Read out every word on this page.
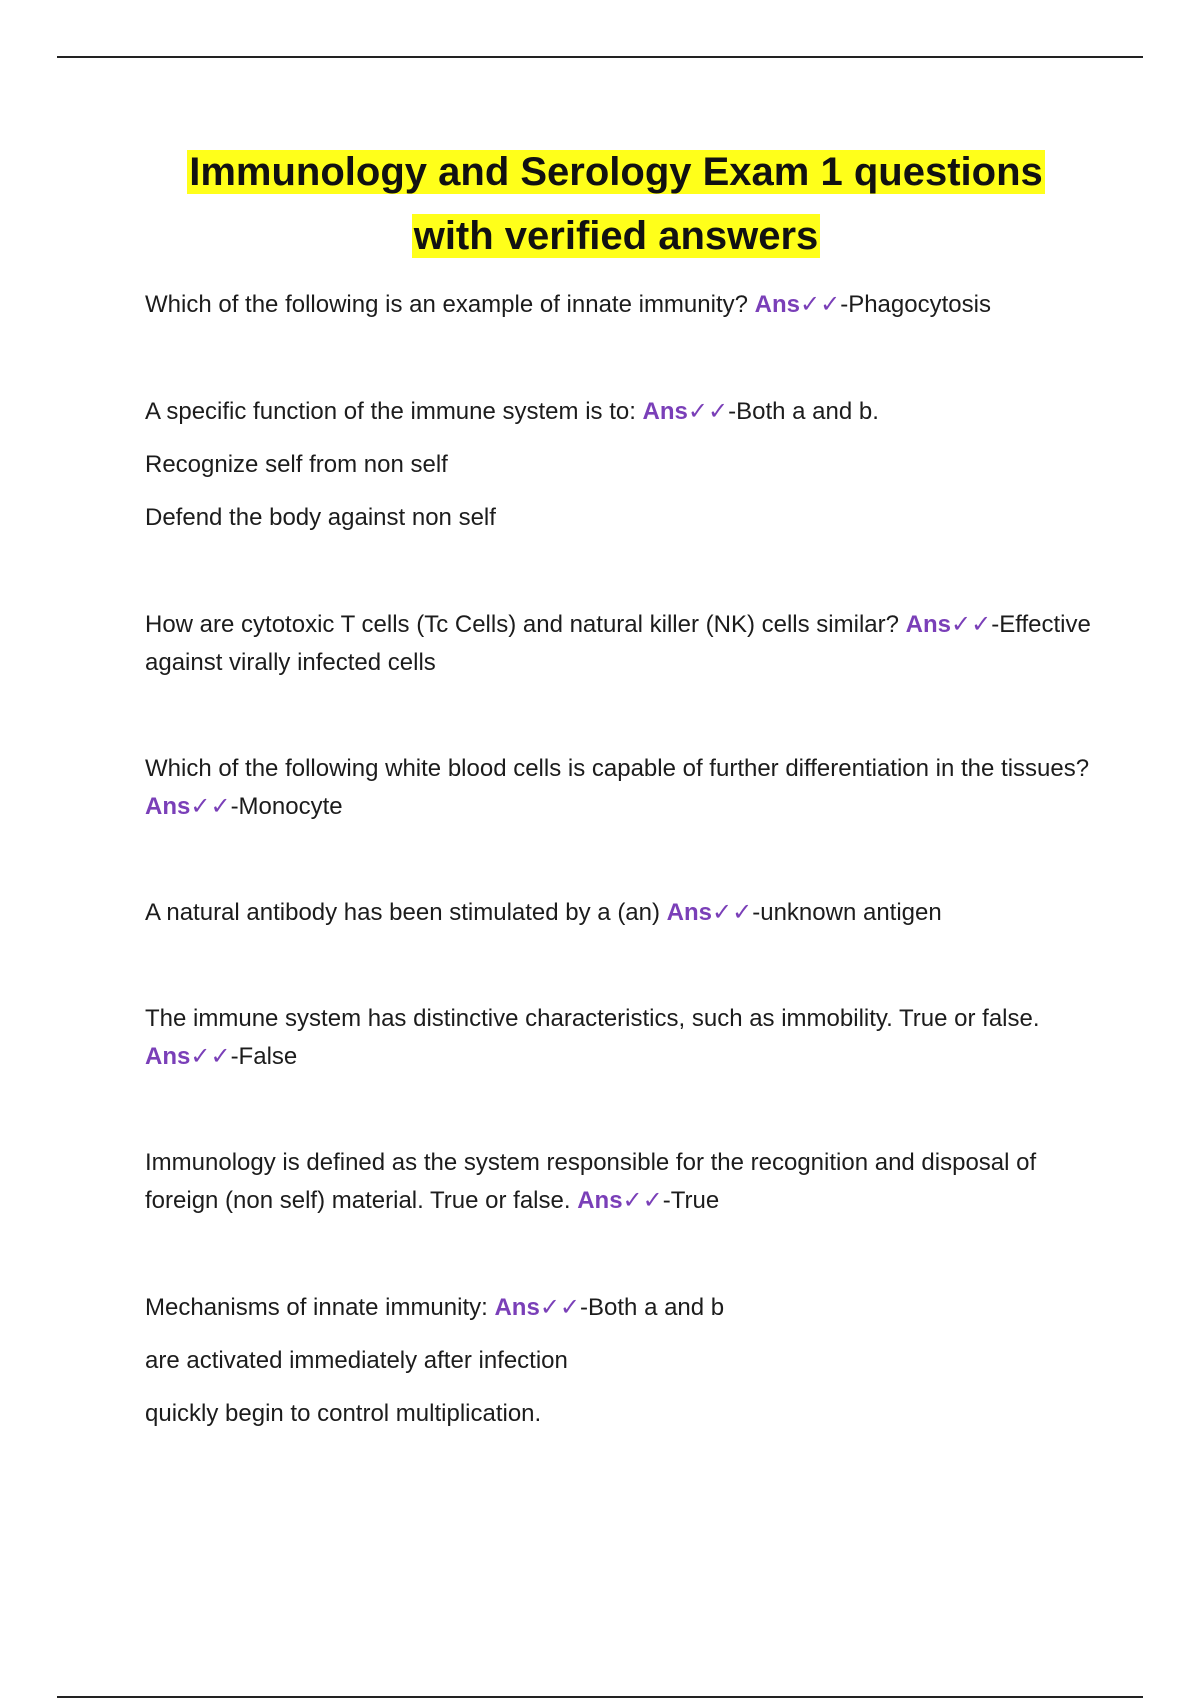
Immunology and Serology Exam 1 questions
with verified answers

Which of the following is an example of innate immunity? Ans✓✓-Phagocytosis

A specific function of the immune system is to: Ans✓✓-Both a and b.

Recognize self from non self

Defend the body against non self

How are cytotoxic T cells (Tc Cells) and natural killer (NK) cells similar? Ans✓✓-Effective against virally infected cells

Which of the following white blood cells is capable of further differentiation in the tissues? Ans✓✓-Monocyte

A natural antibody has been stimulated by a (an) Ans✓✓-unknown antigen

The immune system has distinctive characteristics, such as immobility. True or false. Ans✓✓-False

Immunology is defined as the system responsible for the recognition and disposal of foreign (non self) material. True or false. Ans✓✓-True

Mechanisms of innate immunity: Ans✓✓-Both a and b

are activated immediately after infection

quickly begin to control multiplication.
